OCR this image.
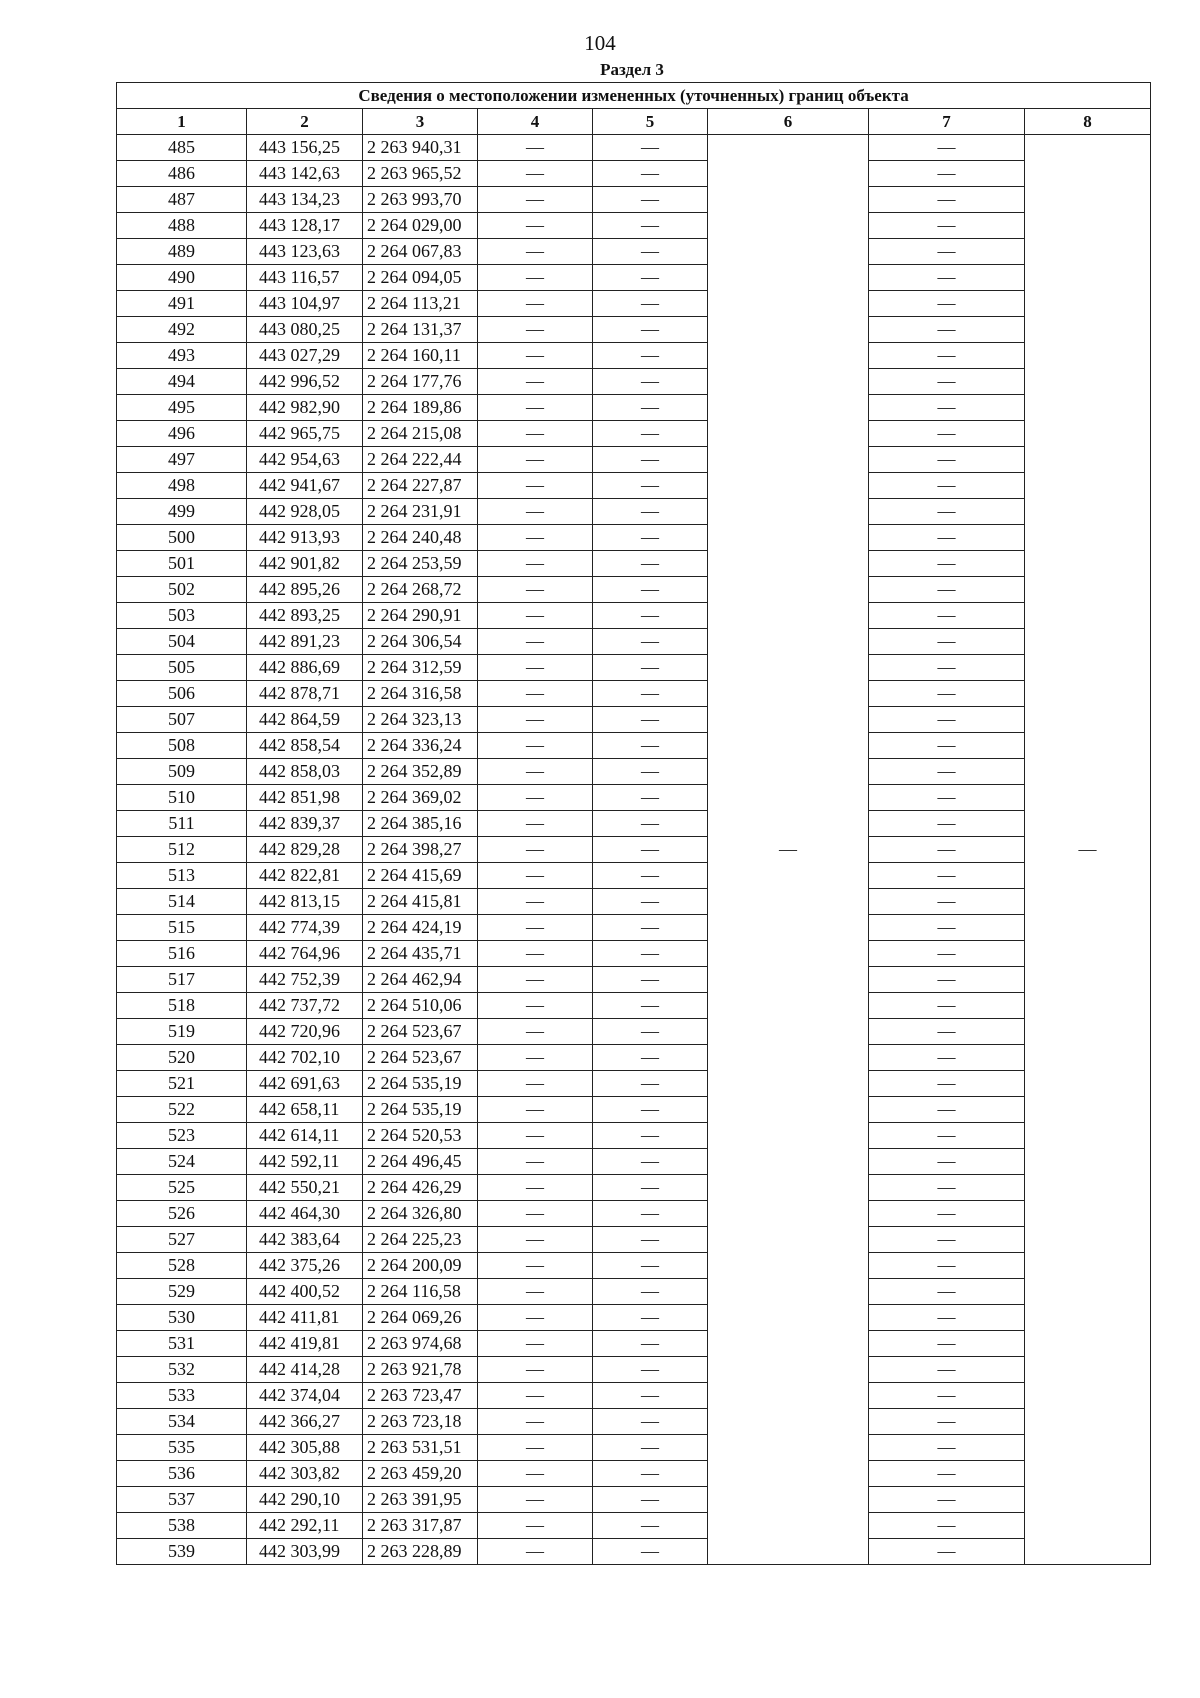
104
Раздел 3
Сведения о местоположении измененных (уточненных) границ объекта							
1	2	3	4	5	6	7	8
485	443 156,25	2 263 940,31	—	—	—	—	—
486	443 142,63	2 263 965,52	—	—		—	
487	443 134,23	2 263 993,70	—	—		—	
488	443 128,17	2 264 029,00	—	—		—	
489	443 123,63	2 264 067,83	—	—		—	
490	443 116,57	2 264 094,05	—	—		—	
491	443 104,97	2 264 113,21	—	—		—	
492	443 080,25	2 264 131,37	—	—		—	
493	443 027,29	2 264 160,11	—	—		—	
494	442 996,52	2 264 177,76	—	—		—	
495	442 982,90	2 264 189,86	—	—		—	
496	442 965,75	2 264 215,08	—	—		—	
497	442 954,63	2 264 222,44	—	—		—	
498	442 941,67	2 264 227,87	—	—		—	
499	442 928,05	2 264 231,91	—	—		—	
500	442 913,93	2 264 240,48	—	—		—	
501	442 901,82	2 264 253,59	—	—		—	
502	442 895,26	2 264 268,72	—	—		—	
503	442 893,25	2 264 290,91	—	—		—	
504	442 891,23	2 264 306,54	—	—		—	
505	442 886,69	2 264 312,59	—	—		—	
506	442 878,71	2 264 316,58	—	—		—	
507	442 864,59	2 264 323,13	—	—		—	
508	442 858,54	2 264 336,24	—	—		—	
509	442 858,03	2 264 352,89	—	—		—	
510	442 851,98	2 264 369,02	—	—		—	
511	442 839,37	2 264 385,16	—	—		—	
512	442 829,28	2 264 398,27	—	—		—	
513	442 822,81	2 264 415,69	—	—		—	
514	442 813,15	2 264 415,81	—	—		—	
515	442 774,39	2 264 424,19	—	—		—	
516	442 764,96	2 264 435,71	—	—		—	
517	442 752,39	2 264 462,94	—	—		—	
518	442 737,72	2 264 510,06	—	—		—	
519	442 720,96	2 264 523,67	—	—		—	
520	442 702,10	2 264 523,67	—	—		—	
521	442 691,63	2 264 535,19	—	—		—	
522	442 658,11	2 264 535,19	—	—		—	
523	442 614,11	2 264 520,53	—	—		—	
524	442 592,11	2 264 496,45	—	—		—	
525	442 550,21	2 264 426,29	—	—		—	
526	442 464,30	2 264 326,80	—	—		—	
527	442 383,64	2 264 225,23	—	—		—	
528	442 375,26	2 264 200,09	—	—		—	
529	442 400,52	2 264 116,58	—	—		—	
530	442 411,81	2 264 069,26	—	—		—	
531	442 419,81	2 263 974,68	—	—		—	
532	442 414,28	2 263 921,78	—	—		—	
533	442 374,04	2 263 723,47	—	—		—	
534	442 366,27	2 263 723,18	—	—		—	
535	442 305,88	2 263 531,51	—	—		—	
536	442 303,82	2 263 459,20	—	—		—	
537	442 290,10	2 263 391,95	—	—		—	
538	442 292,11	2 263 317,87	—	—		—	
539	442 303,99	2 263 228,89	—	—		—	
